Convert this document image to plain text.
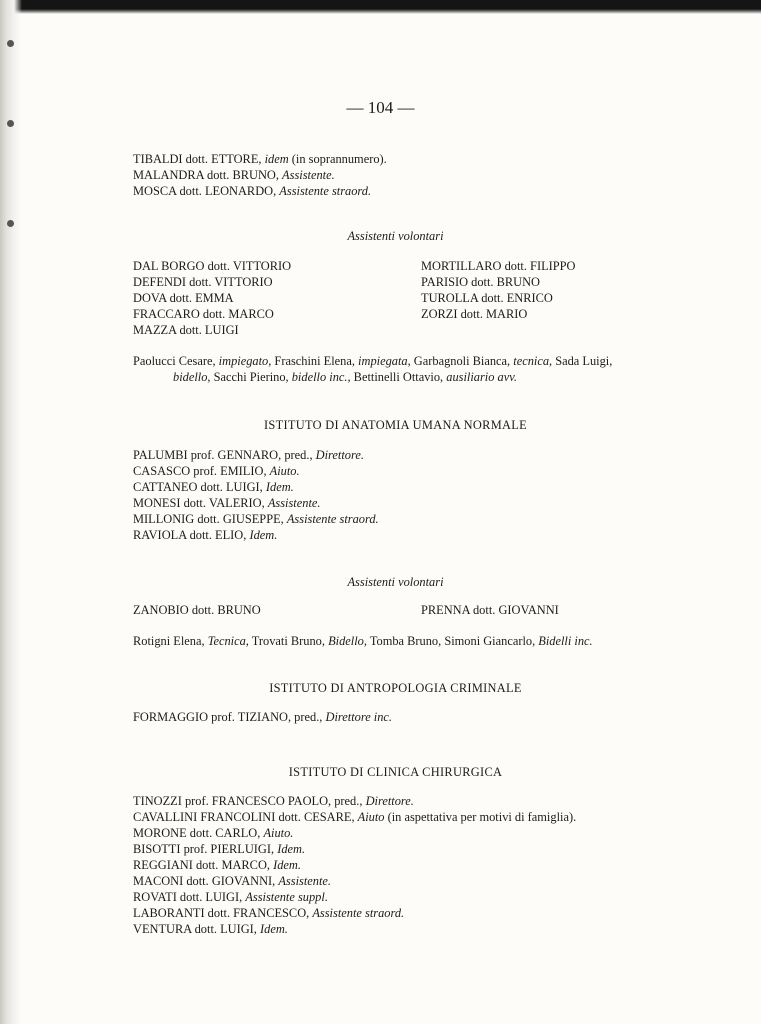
— 104 —
TIBALDI dott. ETTORE, idem (in soprannumero).
MALANDRA dott. BRUNO, Assistente.
MOSCA dott. LEONARDO, Assistente straord.
Assistenti volontari
DAL BORGO dott. VITTORIO
DEFENDI dott. VITTORIO
DOVA dott. EMMA
FRACCARO dott. MARCO
MAZZA dott. LUIGI
MORTILLARO dott. FILIPPO
PARISIO dott. BRUNO
TUROLLA dott. ENRICO
ZORZI dott. MARIO
Paolucci Cesare, impiegato, Fraschini Elena, impiegata, Garbagnoli Bianca, tecnica, Sada Luigi,
bidello, Sacchi Pierino, bidello inc., Bettinelli Ottavio, ausiliario avv.
ISTITUTO DI ANATOMIA UMANA NORMALE
PALUMBI prof. GENNARO, pred., Direttore.
CASASCO prof. EMILIO, Aiuto.
CATTANEO dott. LUIGI, Idem.
MONESI dott. VALERIO, Assistente.
MILLONIG dott. GIUSEPPE, Assistente straord.
RAVIOLA dott. ELIO, Idem.
Assistenti volontari
ZANOBIO dott. BRUNO	PRENNA dott. GIOVANNI
Rotigni Elena, Tecnica, Trovati Bruno, Bidello, Tomba Bruno, Simoni Giancarlo, Bidelli inc.
ISTITUTO DI ANTROPOLOGIA CRIMINALE
FORMAGGIO prof. TIZIANO, pred., Direttore inc.
ISTITUTO DI CLINICA CHIRURGICA
TINOZZI prof. FRANCESCO PAOLO, pred., Direttore.
CAVALLINI FRANCOLINI dott. CESARE, Aiuto (in aspettativa per motivi di famiglia).
MORONE dott. CARLO, Aiuto.
BISOTTI prof. PIERLUIGI, Idem.
REGGIANI dott. MARCO, Idem.
MACONI dott. GIOVANNI, Assistente.
ROVATI dott. LUIGI, Assistente suppl.
LABORANTI dott. FRANCESCO, Assistente straord.
VENTURA dott. LUIGI, Idem.
